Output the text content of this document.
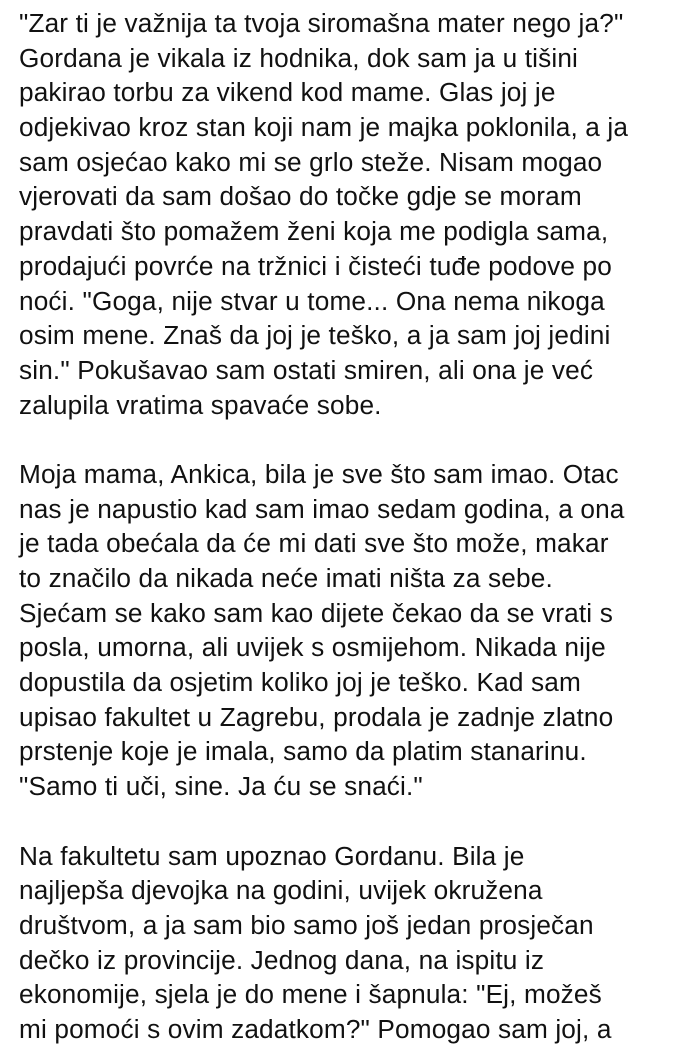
"Zar ti je važnija ta tvoja siromašna mater nego ja?"
Gordana je vikala iz hodnika, dok sam ja u tišini
pakirao torbu za vikend kod mame. Glas joj je
odjekivao kroz stan koji nam je majka poklonila, a ja
sam osjećao kako mi se grlo steže. Nisam mogao
vjerovati da sam došao do točke gdje se moram
pravdati što pomažem ženi koja me podigla sama,
prodajući povrće na tržnici i čisteći tuđe podove po
noći. "Goga, nije stvar u tome... Ona nema nikoga
osim mene. Znaš da joj je teško, a ja sam joj jedini
sin." Pokušavao sam ostati smiren, ali ona je već
zalupila vratima spavaće sobe.
Moja mama, Ankica, bila je sve što sam imao. Otac
nas je napustio kad sam imao sedam godina, a ona
je tada obećala da će mi dati sve što može, makar
to značilo da nikada neće imati ništa za sebe.
Sjećam se kako sam kao dijete čekao da se vrati s
posla, umorna, ali uvijek s osmijehom. Nikada nije
dopustila da osjetim koliko joj je teško. Kad sam
upisao fakultet u Zagrebu, prodala je zadnje zlatno
prstenje koje je imala, samo da platim stanarinu.
"Samo ti uči, sine. Ja ću se snaći."
Na fakultetu sam upoznao Gordanu. Bila je
najljepša djevojka na godini, uvijek okružena
društvom, a ja sam bio samo još jedan prosječan
dečko iz provincije. Jednog dana, na ispitu iz
ekonomije, sjela je do mene i šapnula: "Ej, možeš
mi pomoći s ovim zadatkom?" Pomogao sam joj, a
